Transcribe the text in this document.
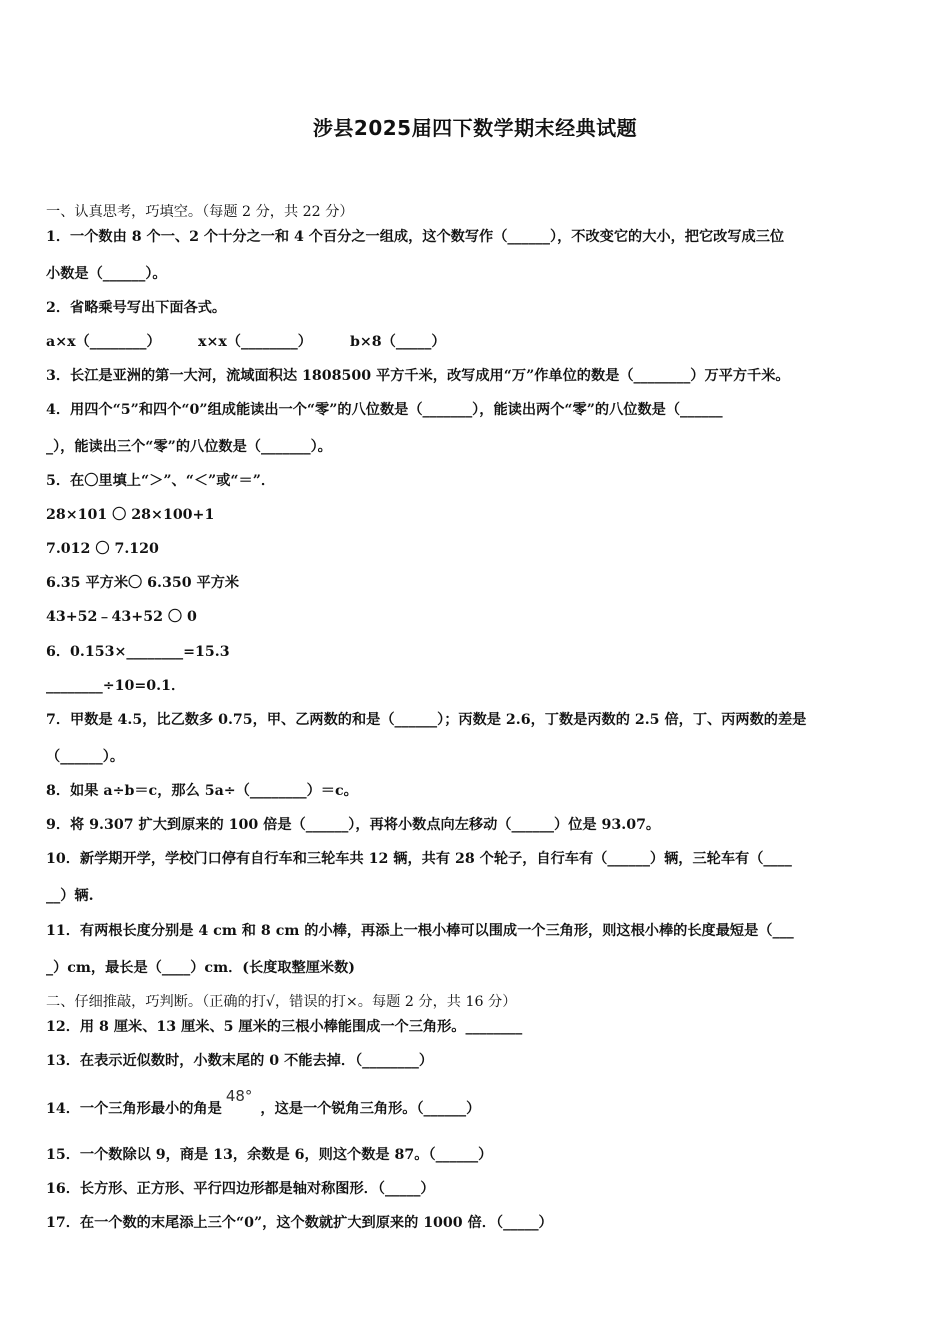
涉县2025届四下数学期末经典试题
一、认真思考，巧填空。（每题 2 分，共 22 分）
1．一个数由 8 个一、2 个十分之一和 4 个百分之一组成，这个数写作（______），不改变它的大小，把它改写成三位
小数是（______）。
2．省略乘号写出下面各式。
a×x（________）	x×x（________）	b×8（_____）
3．长江是亚洲的第一大河，流域面积达 1808500 平方千米，改写成用“万”作单位的数是（________）万平方千米。
4．用四个“5”和四个“0”组成能读出一个“零”的八位数是（_______），能读出两个“零”的八位数是（______
_），能读出三个“零”的八位数是（_______）。
5．在〇里填上“＞”、“＜”或“＝”．
28×101 〇 28×100+1
7.012 〇 7.120
6.35 平方米〇 6.350 平方米
43+52﹣43+52 〇 0
6．0.153×________=15.3
________÷10=0.1．
7．甲数是 4.5，比乙数多 0.75，甲、乙两数的和是（______）；丙数是 2.6，丁数是丙数的 2.5 倍，丁、丙两数的差是
（______）。
8．如果 a÷b＝c，那么 5a÷（________）＝c。
9．将 9.307 扩大到原来的 100 倍是（______），再将小数点向左移动（______）位是 93.07。
10．新学期开学，学校门口停有自行车和三轮车共 12 辆，共有 28 个轮子，自行车有（______）辆，三轮车有（____
__）辆.
11．有两根长度分别是 4 cm 和 8 cm 的小棒，再添上一根小棒可以围成一个三角形，则这根小棒的长度最短是（___
_）cm，最长是（____）cm．(长度取整厘米数)
二、仔细推敲，巧判断。（正确的打√，错误的打×。每题 2 分，共 16 分）
12．用 8 厘米、13 厘米、5 厘米的三根小棒能围成一个三角形。________
13．在表示近似数时，小数末尾的 0 不能去掉．（________）
14．一个三角形最小的角是48°，这是一个锐角三角形。（______）
15．一个数除以 9，商是 13，余数是 6，则这个数是 87。（______）
16．长方形、正方形、平行四边形都是轴对称图形．（_____）
17．在一个数的末尾添上三个“0”，这个数就扩大到原来的 1000 倍．（_____）
